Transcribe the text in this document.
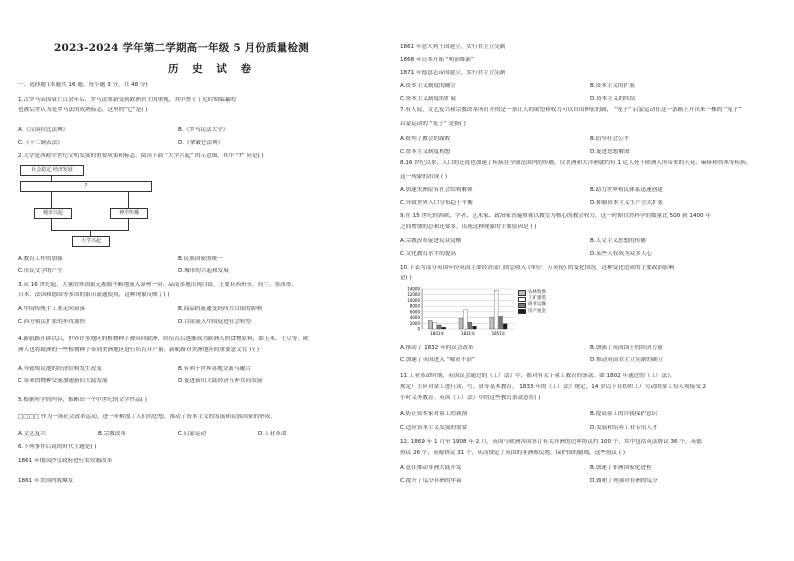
2023-2024 学年第二学期高一年级 5 月份质量检测
历 史 试 卷
一、选择题 (本题共 16 题，每小题 3 分，共 48 分)
1.古罗马帝国衰亡百余年后，罗马法重新受到欧洲君主的重视，其中查士丁尼时期编纂的
也被后世认为是罗马法的成熟标志，这里的“它”是( )
A.《汉谟拉比法典》	B.《罗马民法大全》
C.《十二铜表法》	D.《拿破仑法典》
2.大学是西欧中世纪文明发展的重要成果和标志。阅读下面 “大学兴起” 的示意图，其中 “?” 应是( )
社会稳定 经济发展
?
城市兴起	神学传播
大学兴起
A.教育工作的加强	B.民族国家的统一
C.市民文学的产生	D.城市的兴起和发展
3.从 16 世纪起，大量的外国银元源源不断地流入漳州一带，晶南多地出现白银，主要有西班牙、荷兰、墨西哥、
日本、法国和德国等多国的银币流通使用，这种现象反映了( )
A.中国传统手工业走向衰落	B.商品的流通受到西方白银的影响
C.西方殖民扩张的步伐加快	D.白银流入中国促进社会转型
4.新航路开辟以后，世界许多地区的植物种子被带回欧洲，经培育后逐渐成为欧洲人的食物原料，如玉米、土豆等，欧
洲人也将欧洲的一些植物种子带到美洲地区进行培育并产量，新航路对美洲地区的重要意义在于( )
A.导致殖民地的经济结构发生改变	B.有利于世界各地交流与融合
C.带来的物种交流加速新旧大陆发展	D.促进新旧大陆经济互补共同发展
5.根据所学的内容，推断出一个中世纪的文学作品( )
□□□□ 作为一场社会改革运动，进一步解放了人们的思想，推动了资本主义的发展和民族国家的形成。
A.文艺复兴	B.宗教改革	C.启蒙运动	D.工业革命
6.下列事件后说的时代主题是( )
1861 年俄国沙皇政府进行农奴制改革
1861 年美国内战爆发
1861 年意大利王国建立，实行君主立宪制
1868 年日本开始 “明治维新”
1871 年德意志帝国建立，实行君主立宪制
A.资本主义制度的确立	B.资本主义的扩展
C.资本主义制度的扩展	D.资本主义的终结
7.有人说，文艺复兴和宗教改革所打开的是一条让人的欲望和权力可以自由伸张的路， “笼子” 启蒙运动在这一条路上开出来一棵的 “笼子”
启蒙运动的 “笼子” 是指( )
A.批判了教会的腐败	B.倡导社会公平
C.资本主义制度构想	D.促进思想解放
8.16 世纪以来，人口的迁徙也加速了疾病在全球范围内的传播，仅美洲和大洋洲就约有 1 亿人死于欧洲人所带来的天花、麻疹和伤寒等疾病。
这一现象的出现 ( )
A.加速美洲原有社会结构解体	B.助力世界殖民体系迅速创建
C.导致世界人口分布趋于平衡	D.抑制资本主义生产方式扩张
9.在 15 世纪的西欧，学者、艺术家、政治家普遍重视以教皇为核心的教会权力，这一时期自然科学的数量比 500 到 1400 年
之间增加的总和还要多，出现这种现象的主要原因是 ( )
A.宗教改革促进民众觉醒	B.人文主义思想的传播
C.文化教育水平的提高	D.某些人权成为众多人心
10.下表为部分英国年份英国主要经济部门的总收入 (单位：万英镑) 的变化情况，这种变化造成的主要政治影响
是( )
14000
12000
10000
8000
6000
4000
2000
0
1801年	1831年	1851年
农林牧渔
工矿建筑
商业运输
房产租金
A.推动了 1832 年的议会改革	B.加强了英国国王的经济力量
C.加速了英国进入 “城市不治”	D.推动英国君主立宪制的确立
11.工业革命时期，英国议会通过的《工厂法》中，都对有关于童工教育的条款。如 1802 年通过的《工厂法》，
规定厂主应对童工进行读、写、算等基本教育。 1833 年的《工厂法》规定，14 岁以下在纺织工厂劳动的童工每天须接受 2
小时义务教育。英国《工厂法》中的这些教育条款意在( )
A.防止资本家对童工的剥削	B.提高童工的自我保护意识
C.适应资本主义发展的需要	D.发展和培养工业专用人才
12. 1869 年 1 月至 1908 年 2 月，英国与欧洲各国签订有关非洲的边界协议约 100 个，其中包括英法协议 36 个，英德
协议 26 个，英葡协议 31 个，从而规定了英国的非洲殖民地，保护国的疆域。这些协议 ( )
A.意在推动非洲大陆开发	B.加速了非洲国家化进程
C.提升了瓜分非洲的序幕	D.做和了列强对非洲的瓜分
